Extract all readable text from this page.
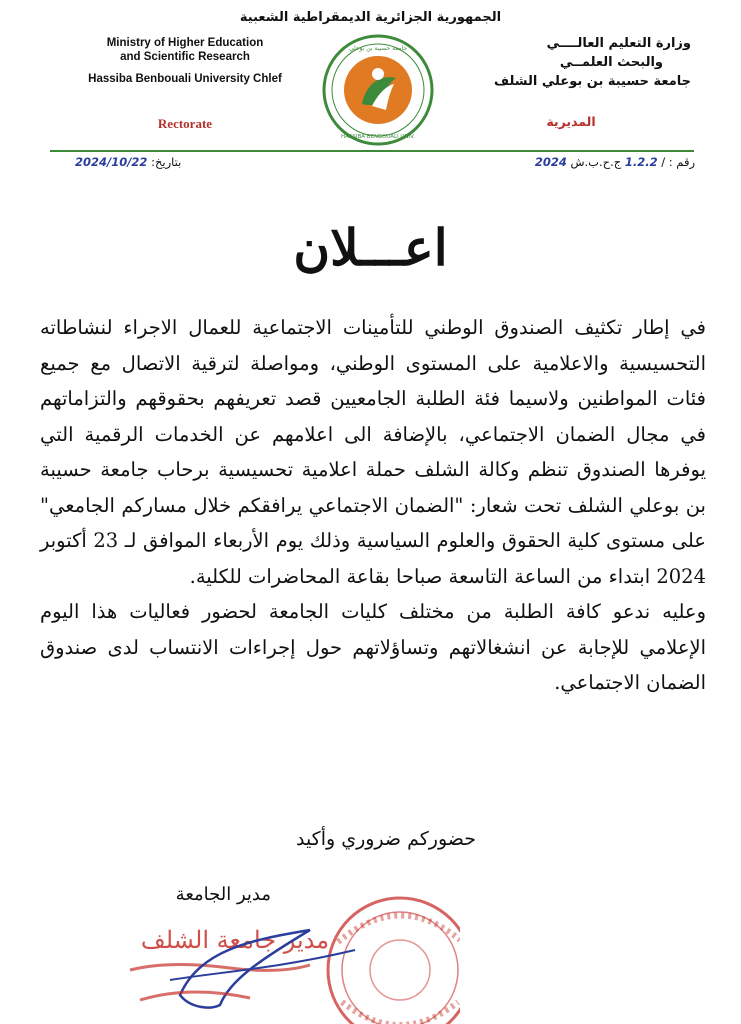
الجمهورية الجزائرية الديمقراطية الشعبية
Ministry of Higher Education
and Scientific Research
Hassiba Benbouali University Chlef
Rectorate
وزارة التعليم العالــــي
والبحث العلمــي
جامعة حسيبة بن بوعلي الشلف
المديرية
جامعة حسيبة بن بوعلي
HASSIBA BENBOUALI UNIV.
رقم : / 1.2.2 ج.ح.ب.ش 2024
بتاريخ: 2024/10/22
اعـــلان
في إطار تكثيف الصندوق الوطني للتأمينات الاجتماعية للعمال الاجراء لنشاطاته التحسيسية والاعلامية على المستوى الوطني، ومواصلة لترقية الاتصال مع جميع فئات المواطنين ولاسيما فئة الطلبة الجامعيين قصد تعريفهم بحقوقهم والتزاماتهم في مجال الضمان الاجتماعي، بالإضافة الى اعلامهم عن الخدمات الرقمية التي يوفرها الصندوق تنظم وكالة الشلف حملة اعلامية تحسيسية برحاب جامعة حسيبة بن بوعلي الشلف تحت شعار: "الضمان الاجتماعي يرافقكم خلال مساركم الجامعي" على مستوى كلية الحقوق والعلوم السياسية وذلك يوم الأربعاء الموافق لـ 23 أكتوبر 2024 ابتداء من الساعة التاسعة صباحا بقاعة المحاضرات للكلية.
وعليه ندعو كافة الطلبة من مختلف كليات الجامعة لحضور فعاليات هذا اليوم الإعلامي للإجابة عن انشغالاتهم وتساؤلاتهم حول إجراءات الانتساب لدى صندوق الضمان الاجتماعي.
حضوركم ضروري وأكيد
مدير الجامعة
مدير جامعة الشلف
